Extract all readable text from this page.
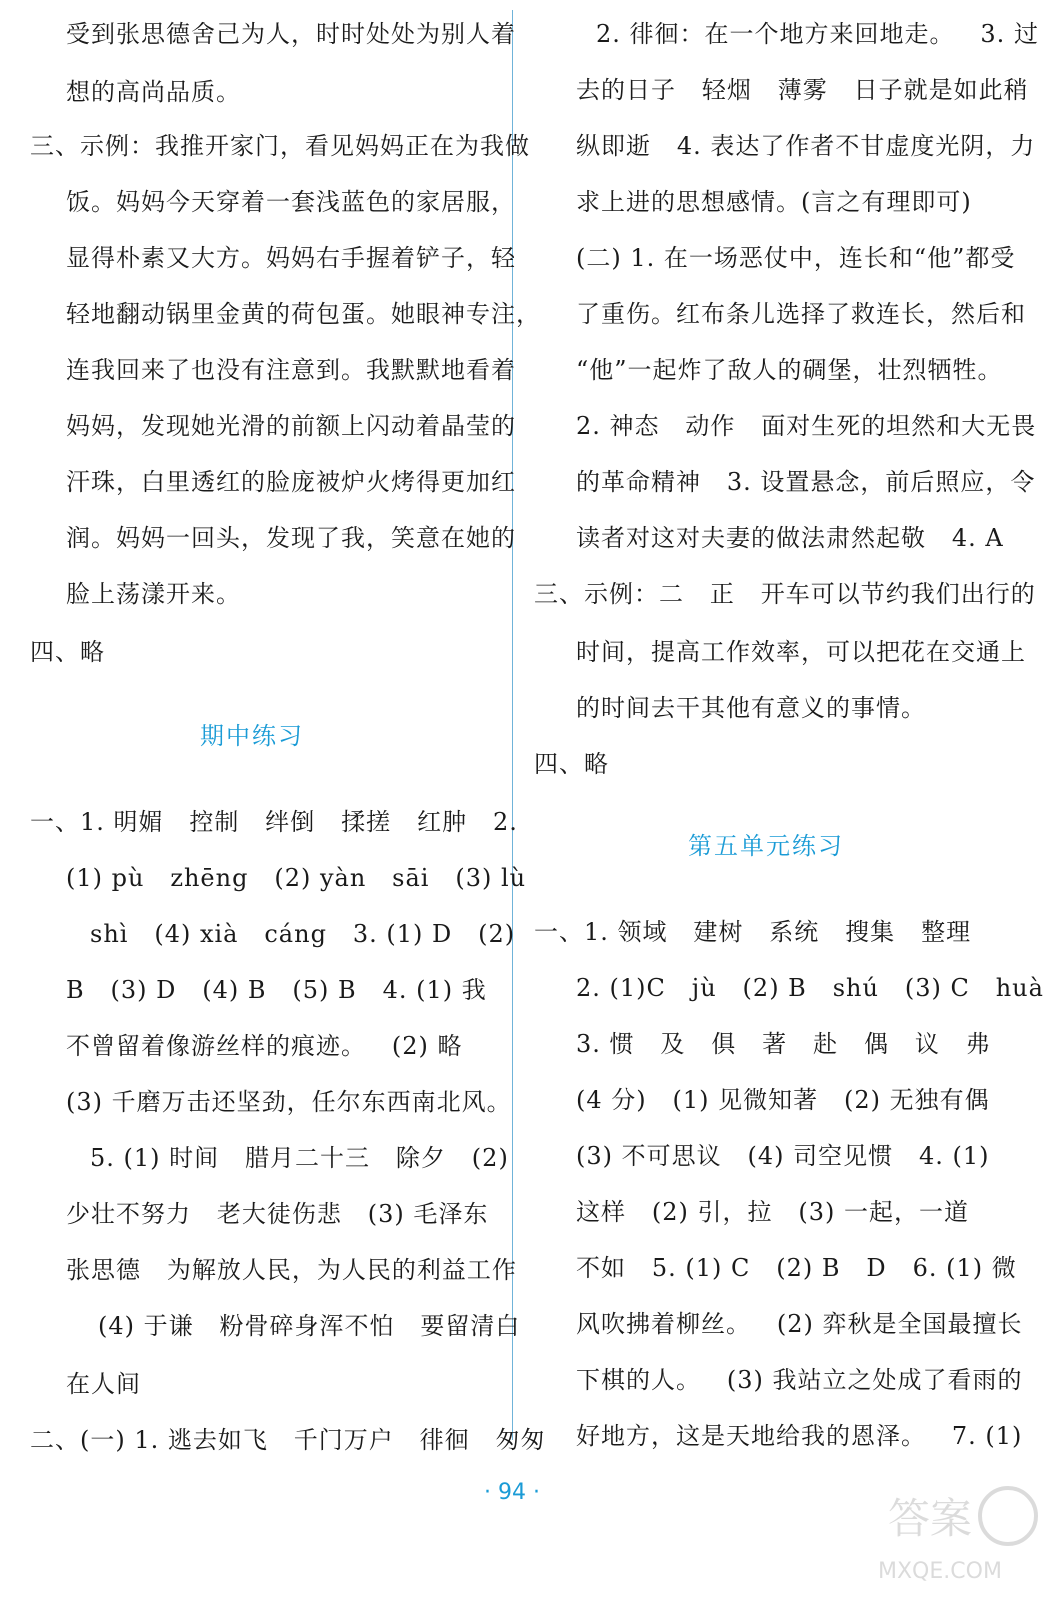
受到张思德舍己为人，时时处处为别人着
想的高尚品质。
三、示例：我推开家门，看见妈妈正在为我做
饭。妈妈今天穿着一套浅蓝色的家居服，
显得朴素又大方。妈妈右手握着铲子，轻
轻地翻动锅里金黄的荷包蛋。她眼神专注，
连我回来了也没有注意到。我默默地看着
妈妈，发现她光滑的前额上闪动着晶莹的
汗珠，白里透红的脸庞被炉火烤得更加红
润。妈妈一回头，发现了我，笑意在她的
脸上荡漾开来。
四、略
期中练习
一、1. 明媚   控制   绊倒   揉搓   红肿   2.
(1) pù   zhēng   (2) yàn   sāi   (3) lù
shì   (4) xià   cáng   3. (1) D   (2)
B   (3) D   (4) B   (5) B   4. (1) 我
不曾留着像游丝样的痕迹。   (2) 略
(3) 千磨万击还坚劲，任尔东西南北风。
5. (1) 时间   腊月二十三   除夕   (2)
少壮不努力   老大徒伤悲   (3) 毛泽东
张思德   为解放人民，为人民的利益工作
(4) 于谦   粉骨碎身浑不怕   要留清白
在人间
二、(一) 1. 逃去如飞   千门万户   徘徊   匆匆
2. 徘徊：在一个地方来回地走。   3. 过
去的日子   轻烟   薄雾   日子就是如此稍
纵即逝   4. 表达了作者不甘虚度光阴，力
求上进的思想感情。(言之有理即可)
(二) 1. 在一场恶仗中，连长和“他”都受
了重伤。红布条儿选择了救连长，然后和
“他”一起炸了敌人的碉堡，壮烈牺牲。
2. 神态   动作   面对生死的坦然和大无畏
的革命精神   3. 设置悬念，前后照应，令
读者对这对夫妻的做法肃然起敬   4. A
三、示例：二   正   开车可以节约我们出行的
时间，提高工作效率，可以把花在交通上
的时间去干其他有意义的事情。
四、略
第五单元练习
一、1. 领域   建树   系统   搜集   整理
2. (1)C   jù   (2) B   shú   (3) C   huà
3. 惯   及   俱   著   赴   偶   议   弗
(4 分)   (1) 见微知著   (2) 无独有偶
(3) 不可思议   (4) 司空见惯   4. (1)
这样   (2) 引，拉   (3) 一起，一道
不如   5. (1) C   (2) B   D   6. (1) 微
风吹拂着柳丝。   (2) 弈秋是全国最擅长
下棋的人。   (3) 我站立之处成了看雨的
好地方，这是天地给我的恩泽。   7. (1)
· 94 ·
答案
MXQE.COM
